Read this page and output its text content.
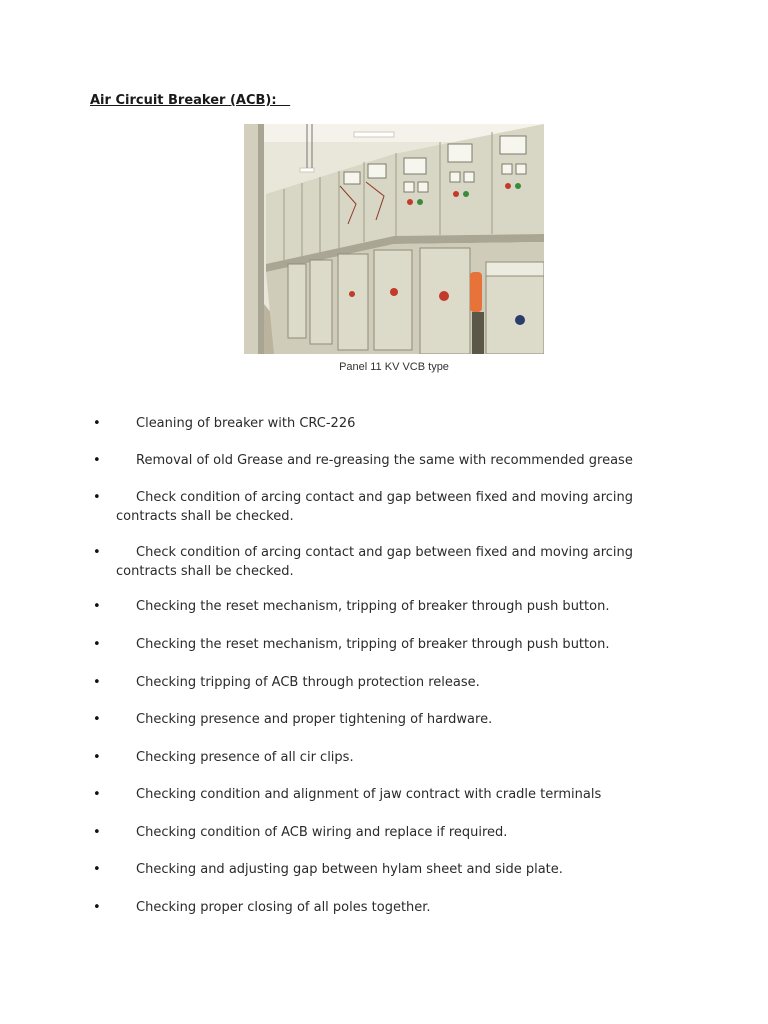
Air Circuit Breaker (ACB):
Panel 11 KV VCB type
•	Cleaning of breaker with CRC-226
•	Removal of old Grease and re-greasing the same with recommended grease
•	Check condition of arcing contact and gap between fixed and moving arcing
contracts shall be checked.
•	Check condition of arcing contact and gap between fixed and moving arcing
contracts shall be checked.
•	Checking the reset mechanism, tripping of breaker through push button.
•	Checking the reset mechanism, tripping of breaker through push button.
•	Checking tripping of ACB through protection release.
•	Checking presence and proper tightening of hardware.
•	Checking presence of all cir clips.
•	Checking condition and alignment of jaw contract with cradle terminals
•	Checking condition of ACB wiring and replace if required.
•	Checking and adjusting gap between hylam sheet and side plate.
•	Checking proper closing of all poles together.
